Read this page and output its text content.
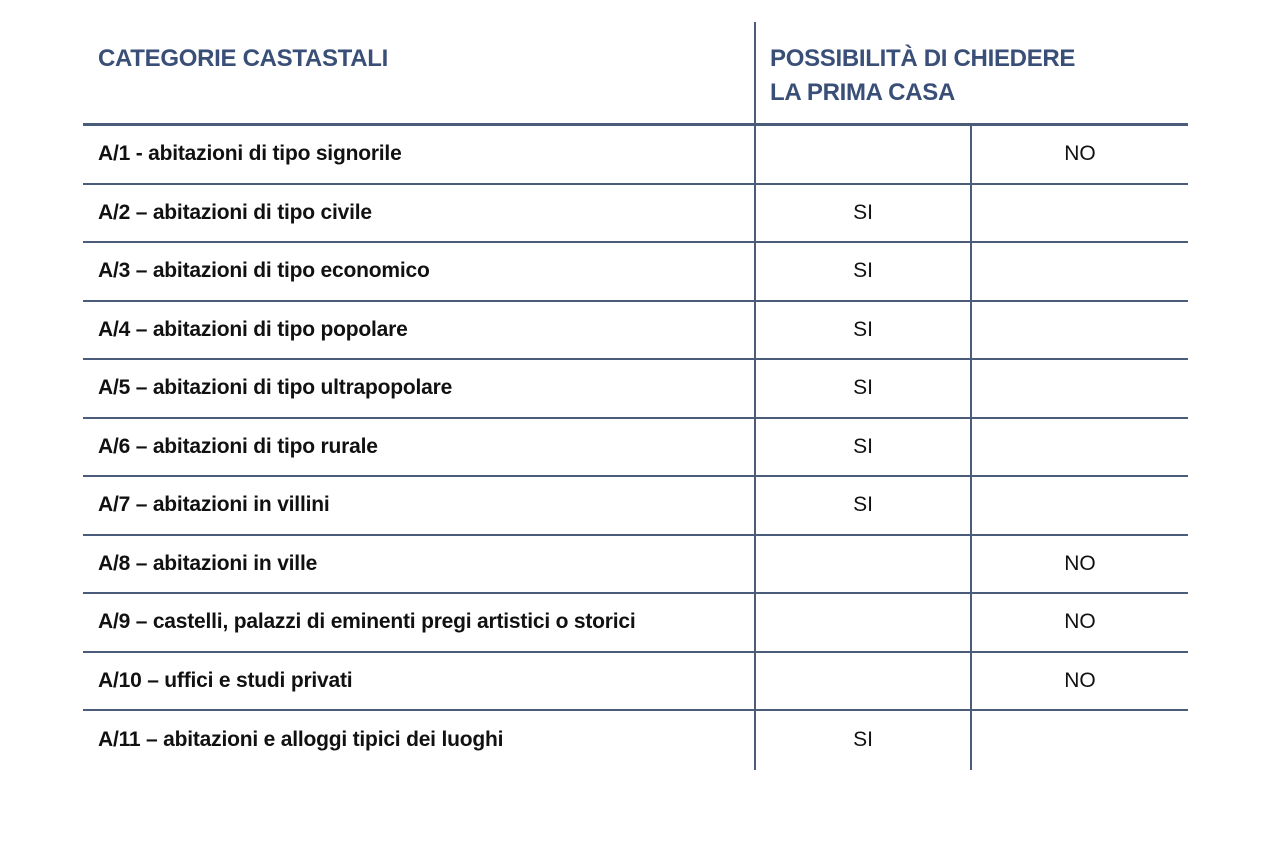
CATEGORIE CASTASTALI	POSSIBILITÀ DI CHIEDERE
LA PRIMA CASA
A/1 - abitazioni di tipo signorile	NO
A/2 – abitazioni di tipo civile	SI
A/3 – abitazioni di tipo economico	SI
A/4 – abitazioni di tipo popolare	SI
A/5 – abitazioni di tipo ultrapopolare	SI
A/6 – abitazioni di tipo rurale	SI
A/7 – abitazioni in villini	SI
A/8 – abitazioni in ville	NO
A/9 – castelli, palazzi di eminenti pregi artistici o storici	NO
A/10 – uffici e studi privati	NO
A/11 – abitazioni e alloggi tipici dei luoghi	SI
